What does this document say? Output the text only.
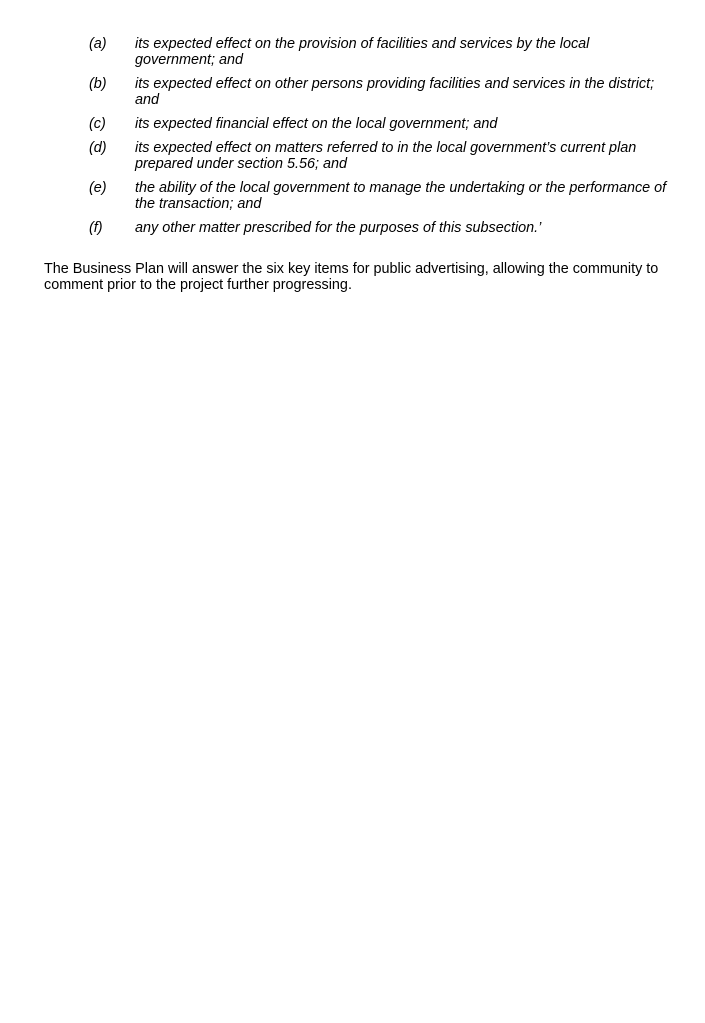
(a)	its expected effect on the provision of facilities and services by the local government; and
(b)	its expected effect on other persons providing facilities and services in the district; and
(c)	its expected financial effect on the local government; and
(d)	its expected effect on matters referred to in the local government’s current plan prepared under section 5.56; and
(e)	the ability of the local government to manage the undertaking or the performance of the transaction; and
(f)	any other matter prescribed for the purposes of this subsection.’

The Business Plan will answer the six key items for public advertising, allowing the community to comment prior to the project further progressing.
